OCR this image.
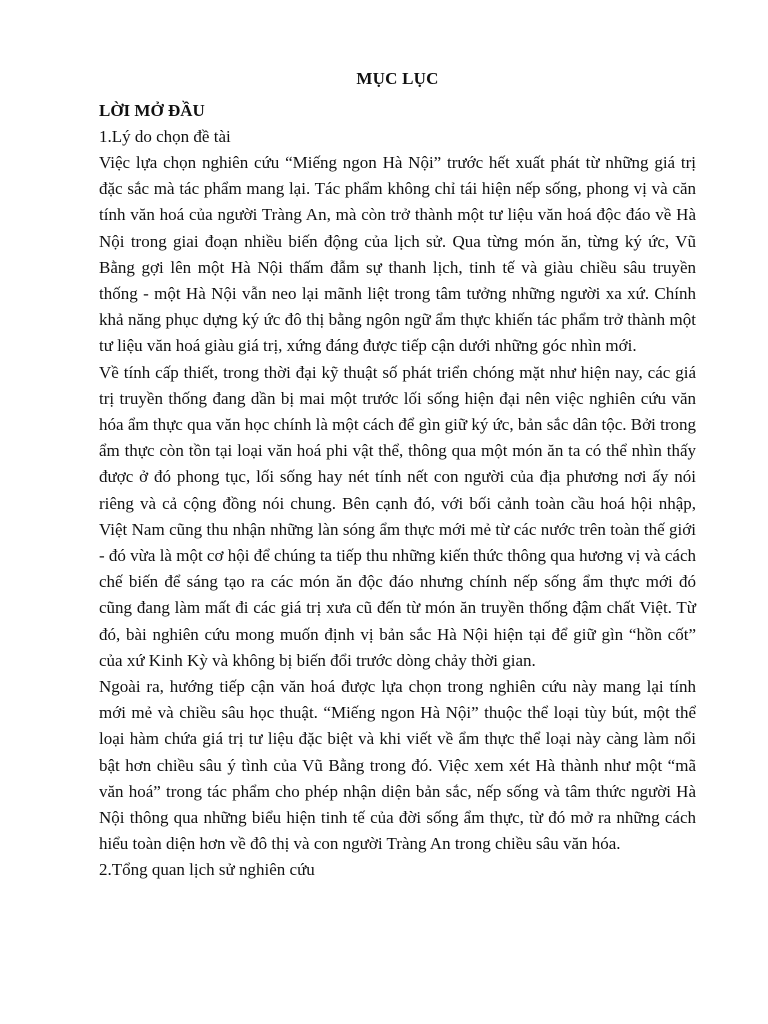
MỤC LỤC
LỜI MỞ ĐẦU

1.Lý do chọn đề tài

Việc lựa chọn nghiên cứu “Miếng ngon Hà Nội” trước hết xuất phát từ những giá trị đặc sắc mà tác phẩm mang lại. Tác phẩm không chỉ tái hiện nếp sống, phong vị và căn tính văn hoá của người Tràng An, mà còn trở thành một tư liệu văn hoá độc đáo về Hà Nội trong giai đoạn nhiều biến động của lịch sử. Qua từng món ăn, từng ký ức, Vũ Bằng gợi lên một Hà Nội thấm đẫm sự thanh lịch, tinh tế và giàu chiều sâu truyền thống - một Hà Nội vẫn neo lại mãnh liệt trong tâm tưởng những người xa xứ. Chính khả năng phục dựng ký ức đô thị bằng ngôn ngữ ẩm thực khiến tác phẩm trở thành một tư liệu văn hoá giàu giá trị, xứng đáng được tiếp cận dưới những góc nhìn mới.

Về tính cấp thiết, trong thời đại kỹ thuật số phát triển chóng mặt như hiện nay, các giá trị truyền thống đang dần bị mai một trước lối sống hiện đại nên việc nghiên cứu văn hóa ẩm thực qua văn học chính là một cách để gìn giữ ký ức, bản sắc dân tộc. Bởi trong ẩm thực còn tồn tại loại văn hoá phi vật thể, thông qua một món ăn ta có thể nhìn thấy được ở đó phong tục, lối sống hay nét tính nết con người của địa phương nơi ấy nói riêng và cả cộng đồng nói chung. Bên cạnh đó, với bối cảnh toàn cầu hoá hội nhập, Việt Nam cũng thu nhận những làn sóng ẩm thực mới mẻ từ các nước trên toàn thế giới - đó vừa là một cơ hội để chúng ta tiếp thu những kiến thức thông qua hương vị và cách chế biến để sáng tạo ra các món ăn độc đáo nhưng chính nếp sống ẩm thực mới đó cũng đang làm mất đi các giá trị xưa cũ đến từ món ăn truyền thống đậm chất Việt. Từ đó, bài nghiên cứu mong muốn định vị bản sắc Hà Nội hiện tại để giữ gìn “hồn cốt” của xứ Kinh Kỳ và không bị biến đổi trước dòng chảy thời gian.

Ngoài ra, hướng tiếp cận văn hoá được lựa chọn trong nghiên cứu này mang lại tính mới mẻ và chiều sâu học thuật. “Miếng ngon Hà Nội” thuộc thể loại tùy bút, một thể loại hàm chứa giá trị tư liệu đặc biệt và khi viết về ẩm thực thể loại này càng làm nổi bật hơn chiều sâu ý tình của Vũ Bằng trong đó. Việc xem xét Hà thành như một “mã văn hoá” trong tác phẩm cho phép nhận diện bản sắc, nếp sống và tâm thức người Hà Nội thông qua những biểu hiện tinh tế của đời sống ẩm thực, từ đó mở ra những cách hiểu toàn diện hơn về đô thị và con người Tràng An trong chiều sâu văn hóa.

2.Tổng quan lịch sử nghiên cứu
